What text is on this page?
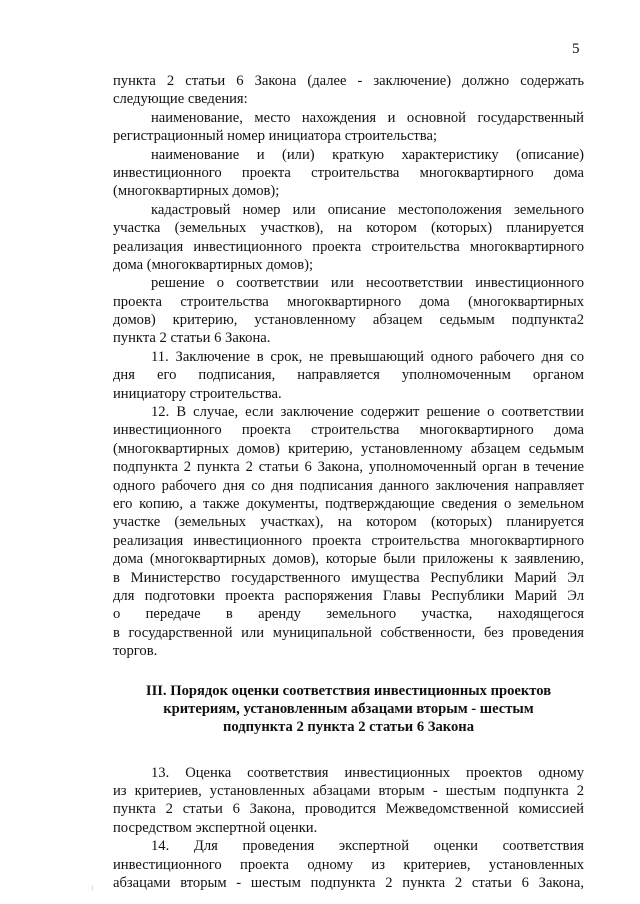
5
пункта 2 статьи 6 Закона (далее - заключение) должно содержать
следующие сведения:
наименование, место нахождения и основной государственный
регистрационный номер инициатора строительства;
наименование и (или) краткую характеристику (описание)
инвестиционного проекта строительства многоквартирного дома
(многоквартирных домов);
кадастровый номер или описание местоположения земельного
участка (земельных участков), на котором (которых) планируется
реализация инвестиционного проекта строительства многоквартирного
дома (многоквартирных домов);
решение о соответствии или несоответствии инвестиционного
проекта строительства многоквартирного дома (многоквартирных
домов) критерию, установленному абзацем седьмым подпункта2
пункта 2 статьи 6 Закона.
11. Заключение в срок, не превышающий одного рабочего дня со
дня его подписания, направляется уполномоченным органом
инициатору строительства.
12. В случае, если заключение содержит решение о соответствии
инвестиционного проекта строительства многоквартирного дома
(многоквартирных домов) критерию, установленному абзацем седьмым
подпункта 2 пункта 2 статьи 6 Закона, уполномоченный орган в течение
одного рабочего дня со дня подписания данного заключения направляет
его копию, а также документы, подтверждающие сведения о земельном
участке (земельных участках), на котором (которых) планируется
реализация инвестиционного проекта строительства многоквартирного
дома (многоквартирных домов), которые были приложены к заявлению,
в Министерство государственного имущества Республики Марий Эл
для подготовки проекта распоряжения Главы Республики Марий Эл
о передаче в аренду земельного участка, находящегося
в государственной или муниципальной собственности, без проведения
торгов.
III. Порядок оценки соответствия инвестиционных проектов
критериям, установленным абзацами вторым - шестым
подпункта 2 пункта 2 статьи 6 Закона
13. Оценка соответствия инвестиционных проектов одному
из критериев, установленных абзацами вторым - шестым подпункта 2
пункта 2 статьи 6 Закона, проводится Межведомственной комиссией
посредством экспертной оценки.
14. Для проведения экспертной оценки соответствия
инвестиционного проекта одному из критериев, установленных
абзацами вторым - шестым подпункта 2 пункта 2 статьи 6 Закона,
